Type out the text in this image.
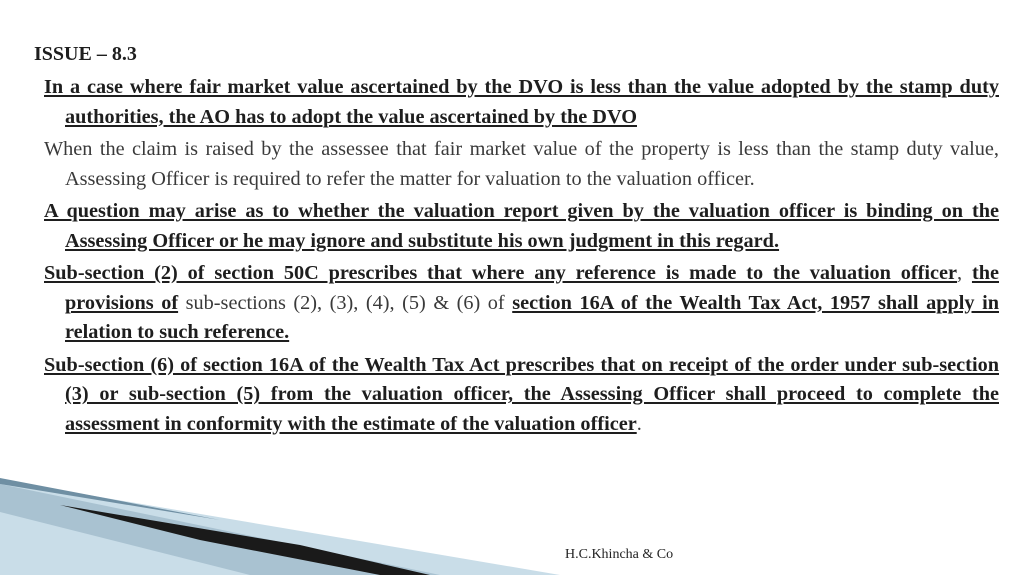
ISSUE – 8.3

In a case where fair market value ascertained by the DVO is less than the value adopted by the stamp duty authorities, the AO has to adopt the value ascertained by the DVO

When the claim is raised by the assessee that fair market value of the property is less than the stamp duty value, Assessing Officer is required to refer the matter for valuation to the valuation officer.

A question may arise as to whether the valuation report given by the valuation officer is binding on the Assessing Officer or he may ignore and substitute his own judgment in this regard.

Sub-section (2) of section 50C prescribes that where any reference is made to the valuation officer, the provisions of sub-sections (2), (3), (4), (5) & (6) of section 16A of the Wealth Tax Act, 1957 shall apply in relation to such reference.

Sub-section (6) of section 16A of the Wealth Tax Act prescribes that on receipt of the order under sub-section (3) or sub-section (5) from the valuation officer, the Assessing Officer shall proceed to complete the assessment in conformity with the estimate of the valuation officer.

H.C.Khincha & Co
